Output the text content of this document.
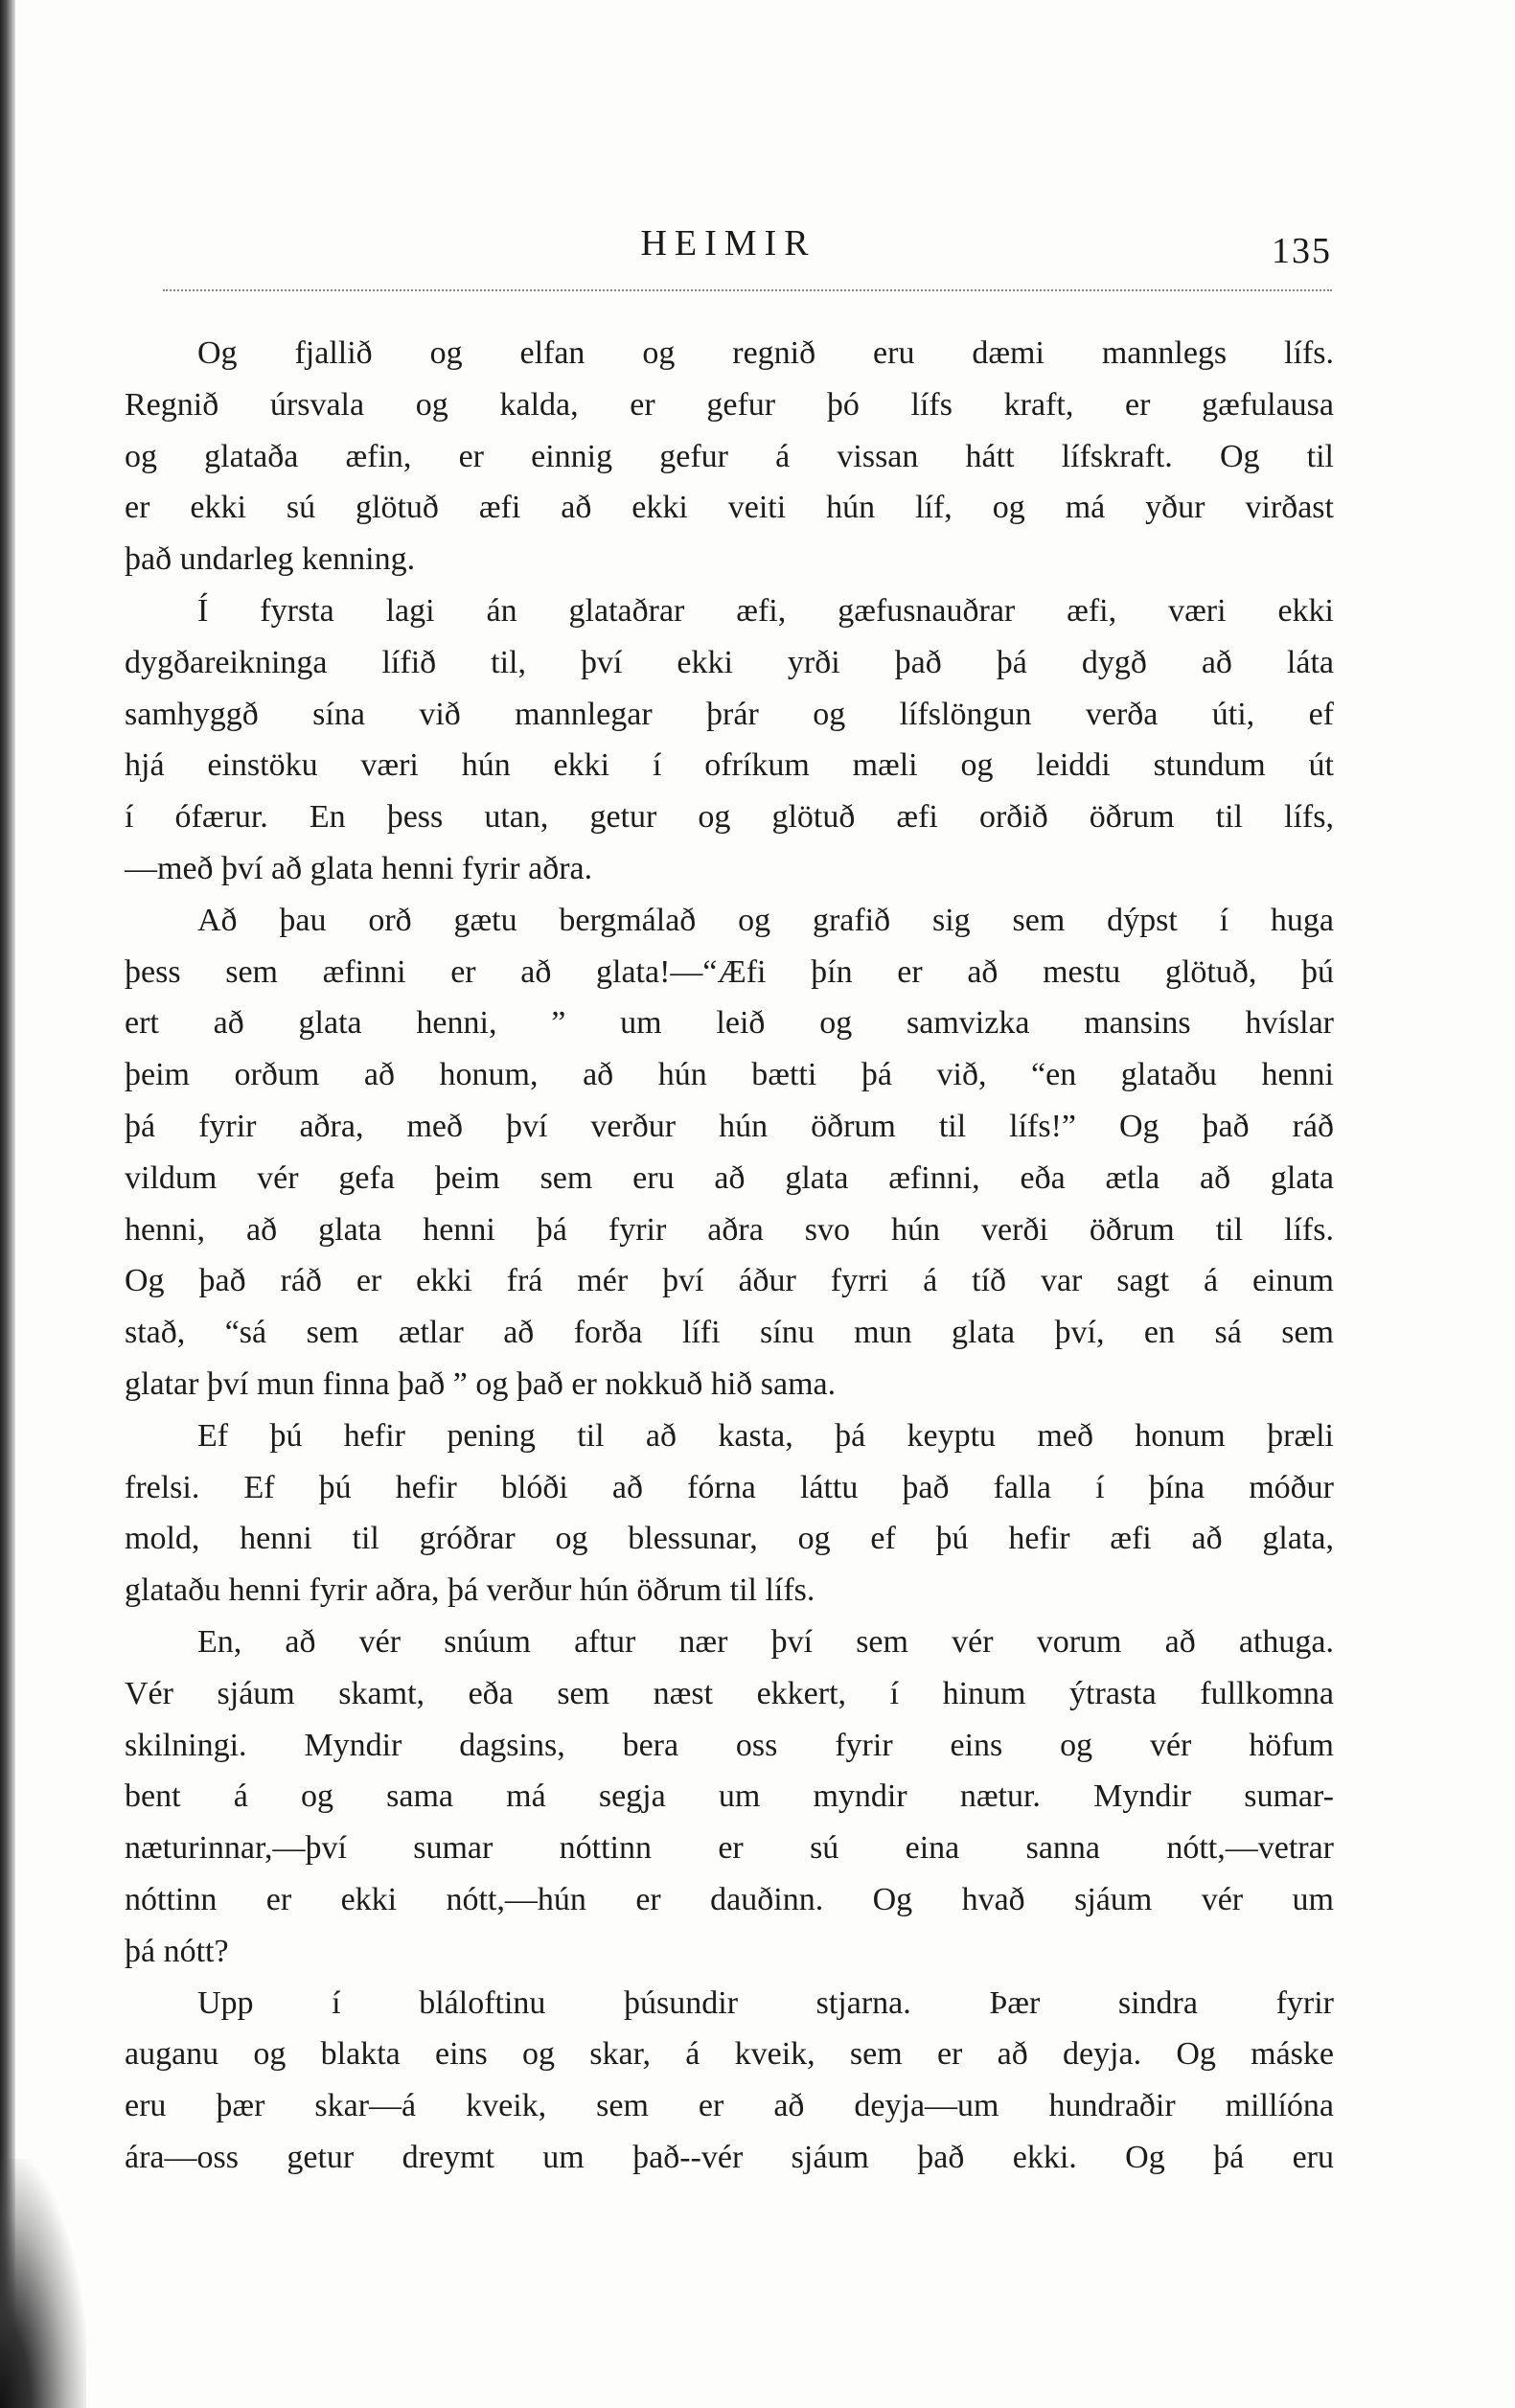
HEIMIR	135
Og fjallið og elfan og regnið eru dæmi mannlegs lífs.
Regnið úrsvala og kalda, er gefur þó lífs kraft, er gæfulausa
og glataða æfin, er einnig gefur á vissan hátt lífskraft. Og til
er ekki sú glötuð æfi að ekki veiti hún líf, og má yður virðast
það undarleg kenning.
Í fyrsta lagi án glataðrar æfi, gæfusnauðrar æfi, væri ekki
dygðareikninga lífið til, því ekki yrði það þá dygð að láta
samhyggð sína við mannlegar þrár og lífslöngun verða úti, ef
hjá einstöku væri hún ekki í ofríkum mæli og leiddi stundum út
í ófærur. En þess utan, getur og glötuð æfi orðið öðrum til lífs,
—með því að glata henni fyrir aðra.
Að þau orð gætu bergmálað og grafið sig sem dýpst í huga
þess sem æfinni er að glata!—“Æfi þín er að mestu glötuð, þú
ert að glata henni, ” um leið og samvizka mansins hvíslar
þeim orðum að honum, að hún bætti þá við, “en glataðu henni
þá fyrir aðra, með því verður hún öðrum til lífs!” Og það ráð
vildum vér gefa þeim sem eru að glata æfinni, eða ætla að glata
henni, að glata henni þá fyrir aðra svo hún verði öðrum til lífs.
Og það ráð er ekki frá mér því áður fyrri á tíð var sagt á einum
stað, “sá sem ætlar að forða lífi sínu mun glata því, en sá sem
glatar því mun finna það ” og það er nokkuð hið sama.
Ef þú hefir pening til að kasta, þá keyptu með honum þræli
frelsi. Ef þú hefir blóði að fórna láttu það falla í þína móður
mold, henni til gróðrar og blessunar, og ef þú hefir æfi að glata,
glataðu henni fyrir aðra, þá verður hún öðrum til lífs.
En, að vér snúum aftur nær því sem vér vorum að athuga.
Vér sjáum skamt, eða sem næst ekkert, í hinum ýtrasta fullkomna
skilningi. Myndir dagsins, bera oss fyrir eins og vér höfum
bent á og sama má segja um myndir nætur. Myndir sumar-
næturinnar,—því sumar nóttinn er sú eina sanna nótt,—vetrar
nóttinn er ekki nótt,—hún er dauðinn. Og hvað sjáum vér um
þá nótt?
Upp í bláloftinu þúsundir stjarna. Þær sindra fyrir
auganu og blakta eins og skar, á kveik, sem er að deyja. Og máske
eru þær skar—á kveik, sem er að deyja—um hundraðir millíóna
ára—oss getur dreymt um það--vér sjáum það ekki. Og þá eru
